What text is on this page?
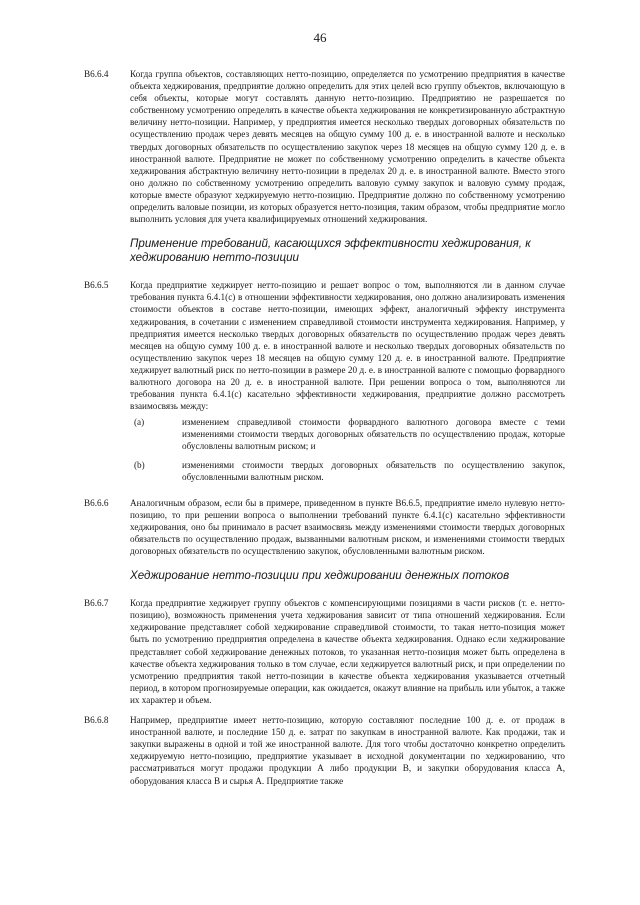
46
B6.6.4	Когда группа объектов, составляющих нетто-позицию, определяется по усмотрению предприятия в качестве объекта хеджирования, предприятие должно определить для этих целей всю группу объектов, включающую в себя объекты, которые могут составлять данную нетто-позицию. Предприятию не разрешается по собственному усмотрению определять в качестве объекта хеджирования не конкретизированную абстрактную величину нетто-позиции. Например, у предприятия имеется несколько твердых договорных обязательств по осуществлению продаж через девять месяцев на общую сумму 100 д. е. в иностранной валюте и несколько твердых договорных обязательств по осуществлению закупок через 18 месяцев на общую сумму 120 д. е. в иностранной валюте. Предприятие не может по собственному усмотрению определить в качестве объекта хеджирования абстрактную величину нетто-позиции в пределах 20 д. е. в иностранной валюте. Вместо этого оно должно по собственному усмотрению определить валовую сумму закупок и валовую сумму продаж, которые вместе образуют хеджируемую нетто-позицию. Предприятие должно по собственному усмотрению определить валовые позиции, из которых образуется нетто-позиция, таким образом, чтобы предприятие могло выполнить условия для учета квалифицируемых отношений хеджирования.
Применение требований, касающихся эффективности хеджирования, к хеджированию нетто-позиции
B6.6.5	Когда предприятие хеджирует нетто-позицию и решает вопрос о том, выполняются ли в данном случае требования пункта 6.4.1(c) в отношении эффективности хеджирования, оно должно анализировать изменения стоимости объектов в составе нетто-позиции, имеющих эффект, аналогичный эффекту инструмента хеджирования, в сочетании с изменением справедливой стоимости инструмента хеджирования. Например, у предприятия имеется несколько твердых договорных обязательств по осуществлению продаж через девять месяцев на общую сумму 100 д. е. в иностранной валюте и несколько твердых договорных обязательств по осуществлению закупок через 18 месяцев на общую сумму 120 д. е. в иностранной валюте. Предприятие хеджирует валютный риск по нетто-позиции в размере 20 д. е. в иностранной валюте с помощью форвардного валютного договора на 20 д. е. в иностранной валюте. При решении вопроса о том, выполняются ли требования пункта 6.4.1(c) касательно эффективности хеджирования, предприятие должно рассмотреть взаимосвязь между:
(a)	изменением справедливой стоимости форвардного валютного договора вместе с теми изменениями стоимости твердых договорных обязательств по осуществлению продаж, которые обусловлены валютным риском; и
(b)	изменениями стоимости твердых договорных обязательств по осуществлению закупок, обусловленными валютным риском.
B6.6.6	Аналогичным образом, если бы в примере, приведенном в пункте B6.6.5, предприятие имело нулевую нетто-позицию, то при решении вопроса о выполнении требований пункте 6.4.1(c) касательно эффективности хеджирования, оно бы принимало в расчет взаимосвязь между изменениями стоимости твердых договорных обязательств по осуществлению продаж, вызванными валютным риском, и изменениями стоимости твердых договорных обязательств по осуществлению закупок, обусловленными валютным риском.
Хеджирование нетто-позиции при хеджировании денежных потоков
B6.6.7	Когда предприятие хеджирует группу объектов с компенсирующими позициями в части рисков (т. е. нетто-позицию), возможность применения учета хеджирования зависит от типа отношений хеджирования. Если хеджирование представляет собой хеджирование справедливой стоимости, то такая нетто-позиция может быть по усмотрению предприятия определена в качестве объекта хеджирования. Однако если хеджирование представляет собой хеджирование денежных потоков, то указанная нетто-позиция может быть определена в качестве объекта хеджирования только в том случае, если хеджируется валютный риск, и при определении по усмотрению предприятия такой нетто-позиции в качестве объекта хеджирования указывается отчетный период, в котором прогнозируемые операции, как ожидается, окажут влияние на прибыль или убыток, а также их характер и объем.
B6.6.8	Например, предприятие имеет нетто-позицию, которую составляют последние 100 д. е. от продаж в иностранной валюте, и последние 150 д. е. затрат по закупкам в иностранной валюте. Как продажи, так и закупки выражены в одной и той же иностранной валюте. Для того чтобы достаточно конкретно определить хеджируемую нетто-позицию, предприятие указывает в исходной документации по хеджированию, что рассматриваться могут продажи продукции А либо продукции В, и закупки оборудования класса А, оборудования класса В и сырья А. Предприятие также
